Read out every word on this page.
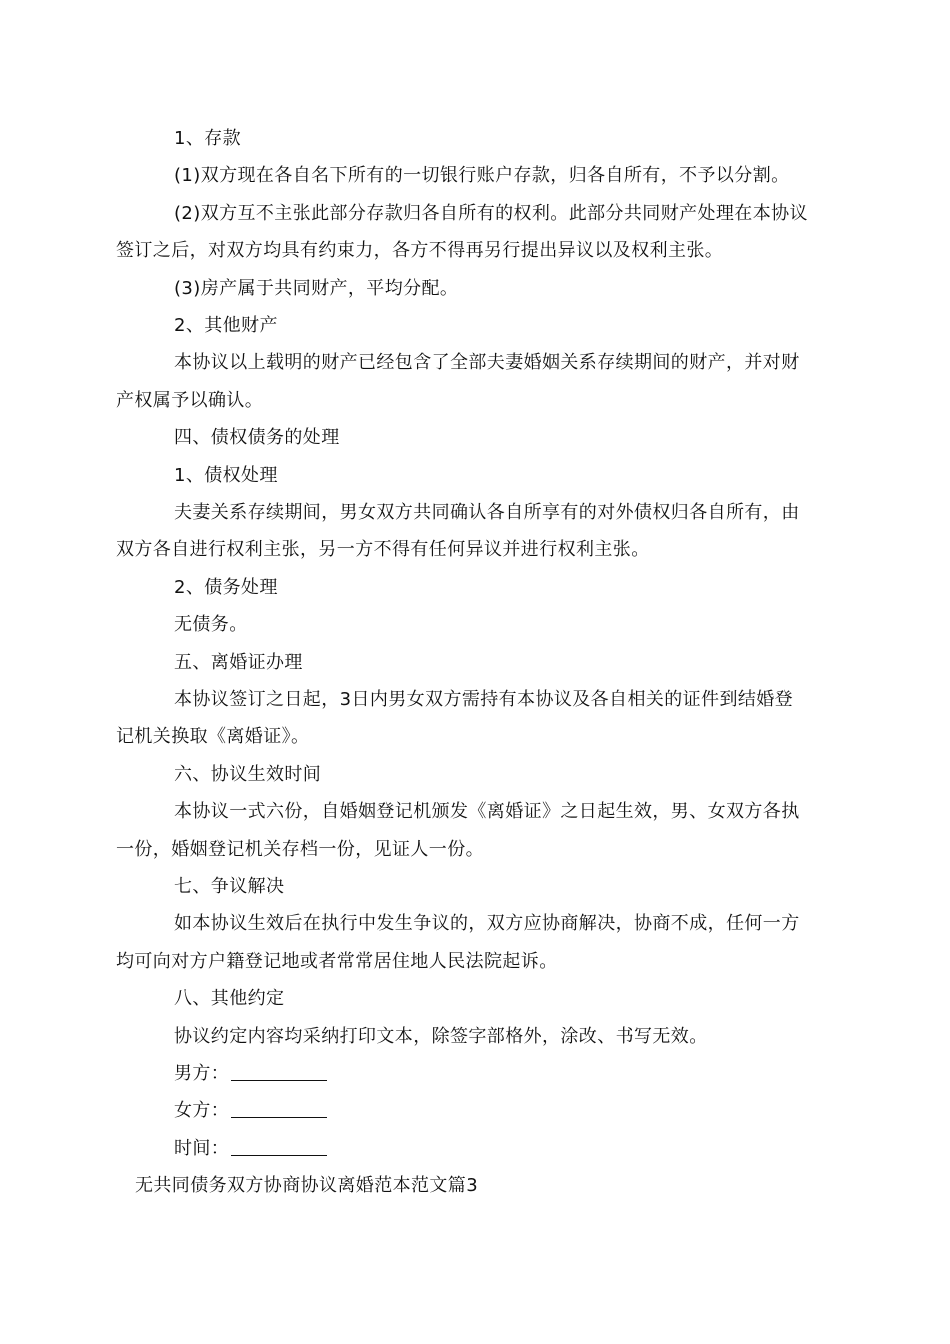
1、存款
(1)双方现在各自名下所有的一切银行账户存款，归各自所有，不予以分割。
(2)双方互不主张此部分存款归各自所有的权利。此部分共同财产处理在本协议
签订之后，对双方均具有约束力，各方不得再另行提出异议以及权利主张。
(3)房产属于共同财产，平均分配。
2、其他财产
本协议以上载明的财产已经包含了全部夫妻婚姻关系存续期间的财产，并对财
产权属予以确认。
四、债权债务的处理
1、债权处理
夫妻关系存续期间，男女双方共同确认各自所享有的对外债权归各自所有，由
双方各自进行权利主张，另一方不得有任何异议并进行权利主张。
2、债务处理
无债务。
五、离婚证办理
本协议签订之日起，3日内男女双方需持有本协议及各自相关的证件到结婚登
记机关换取《离婚证》。
六、协议生效时间
本协议一式六份，自婚姻登记机颁发《离婚证》之日起生效，男、女双方各执
一份，婚姻登记机关存档一份，见证人一份。
七、争议解决
如本协议生效后在执行中发生争议的，双方应协商解决，协商不成，任何一方
均可向对方户籍登记地或者常常居住地人民法院起诉。
八、其他约定
协议约定内容均采纳打印文本，除签字部格外，涂改、书写无效。
男方：
女方：
时间：
无共同债务双方协商协议离婚范本范文篇3
